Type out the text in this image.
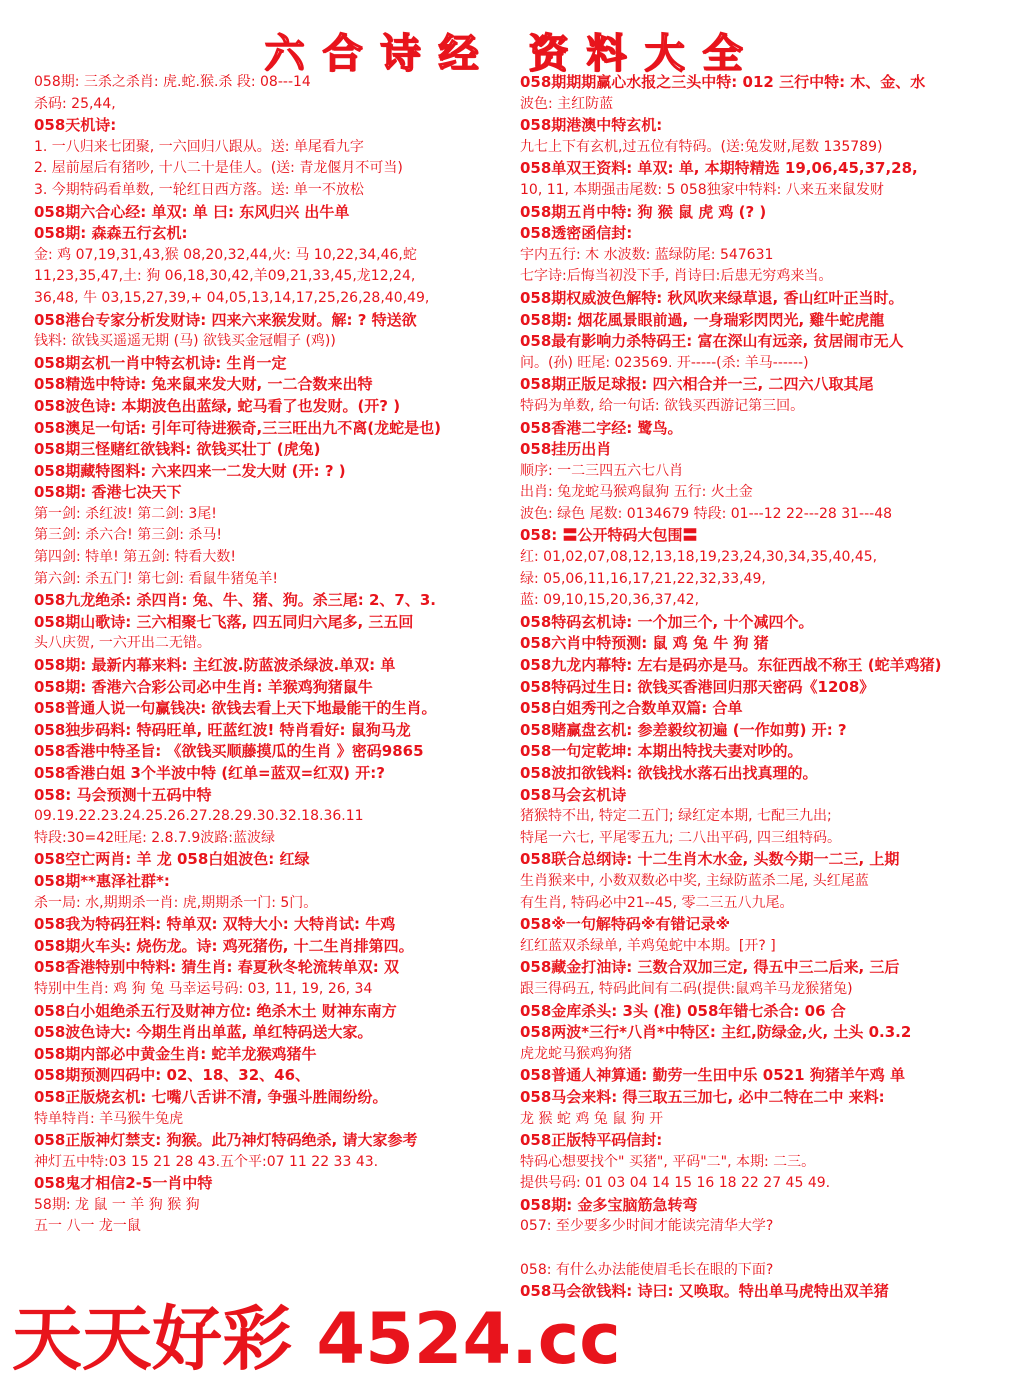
六合诗经 资料大全
058期: 三杀之杀肖: 虎.蛇.猴.杀 段: 08---14
杀码: 25,44,
058天机诗:
1. 一八归来七团聚, 一六回归八跟从。送: 单尾看九字
2. 屋前屋后有猪吵, 十八二十是佳人。(送: 青龙偃月不可当)
3. 今期特码看单数, 一轮红日西方落。送: 单一不放松
058期六合心经: 单双: 单 曰: 东风归兴 出牛单
058期: 森森五行玄机:
金: 鸡 07,19,31,43,猴 08,20,32,44,火: 马 10,22,34,46,蛇
11,23,35,47,土: 狗 06,18,30,42,羊09,21,33,45,龙12,24,
36,48, 牛 03,15,27,39,+ 04,05,13,14,17,25,26,28,40,49,
058港台专家分析发财诗: 四来六来猴发财。解: ? 特送欲
钱料: 欲钱买遥遥无期 (马) 欲钱买金冠帽子 (鸡))
058期玄机一肖中特玄机诗: 生肖一定
058精选中特诗: 兔来鼠来发大财, 一二合数来出特
058波色诗: 本期波色出蓝绿, 蛇马看了也发财。(开? )
058澳足一句话: 引年可待进猴奇,三三旺出九不离(龙蛇是也)
058期三怪赌红欲钱料: 欲钱买壮丁 (虎兔)
058期藏特图料: 六来四来一二发大财 (开: ? )
058期: 香港七决天下
第一剑: 杀红波! 第二剑: 3尾!
第三剑: 杀六合! 第三剑: 杀马!
第四剑: 特单! 第五剑: 特看大数!
第六剑: 杀五门! 第七剑: 看鼠牛猪兔羊!
058九龙绝杀: 杀四肖: 兔、牛、猪、狗。杀三尾: 2、7、3.
058期山歌诗: 三六相聚七飞落, 四五同归六尾多, 三五回
头八庆贺, 一六开出二无错。
058期: 最新内幕来料: 主红波.防蓝波杀绿波.单双: 单
058期: 香港六合彩公司必中生肖: 羊猴鸡狗猪鼠牛
058普通人说一句赢钱决: 欲钱去看上天下地最能干的生肖。
058独步码料: 特码旺单, 旺蓝红波! 特肖看好: 鼠狗马龙
058香港中特圣旨: 《欲钱买顺藤摸瓜的生肖 》密码9865
058香港白姐 3个半波中特 (红单=蓝双=红双) 开:?
058: 马会预测十五码中特
09.19.22.23.24.25.26.27.28.29.30.32.18.36.11
特段:30=42旺尾: 2.8.7.9波路:蓝波绿
058空亡两肖: 羊 龙 058白姐波色: 红绿
058期**惠泽社群*:
杀一局: 水,期期杀一肖: 虎,期期杀一门: 5门。
058我为特码狂料: 特单双: 双特大小: 大特肖试: 牛鸡
058期火车头: 烧伤龙。诗: 鸡死猪伤, 十二生肖排第四。
058香港特别中特料: 猜生肖: 春夏秋冬轮流转单双: 双
特别中生肖: 鸡 狗 兔 马幸运号码: 03, 11, 19, 26, 34
058白小姐绝杀五行及财神方位: 绝杀木土 财神东南方
058波色诗大: 今期生肖出单蓝, 单红特码送大家。
058期内部必中黄金生肖: 蛇羊龙猴鸡猪牛
058期预测四码中: 02、18、32、46、
058正版烧玄机: 七嘴八舌讲不清, 争强斗胜闹纷纷。
特单特肖: 羊马猴牛兔虎
058正版神灯禁支: 狗猴。此乃神灯特码绝杀, 请大家参考
神灯五中特:03 15 21 28 43.五个平:07 11 22 33 43.
058鬼才相信2-5一肖中特
58期: 龙 鼠 一 羊 狗 猴 狗
五一 八一 龙一鼠
058期期期赢心水报之三头中特: 012 三行中特: 木、金、水
波色: 主红防蓝
058期港澳中特玄机:
九七上下有玄机,过五位有特码。(送:兔发财,尾数 135789)
058单双王资料: 单双: 单, 本期特精选 19,06,45,37,28,
10, 11, 本期强击尾数: 5 058独家中特料: 八来五来鼠发财
058期五肖中特: 狗 猴 鼠 虎 鸡 (? )
058透密函信封:
宇内五行: 木 水波数: 蓝绿防尾: 547631
七字诗:后悔当初没下手, 肖诗曰:后患无穷鸡来当。
058期权威波色解特: 秋风吹来绿草退, 香山红叶正当时。
058期: 烟花風景眼前過, 一身瑞彩閃閃光, 雞牛蛇虎龍
058最有影响力杀特码王: 富在深山有远亲, 贫居闹市无人
问。(孙) 旺尾: 023569. 开-----(杀: 羊马------)
058期正版足球报: 四六相合并一三, 二四六八取其尾
特码为单数, 给一句话: 欲钱买西游记第三回。
058香港二字经: 鹭鸟。
058挂历出肖
顺序: 一二三四五六七八肖
出肖: 兔龙蛇马猴鸡鼠狗 五行: 火土金
波色: 绿色 尾数: 0134679 特段: 01---12 22---28 31---48
058: 〓公开特码大包围〓
红: 01,02,07,08,12,13,18,19,23,24,30,34,35,40,45,
绿: 05,06,11,16,17,21,22,32,33,49,
蓝: 09,10,15,20,36,37,42,
058特码玄机诗: 一个加三个, 十个减四个。
058六肖中特预测: 鼠 鸡 兔 牛 狗 猪
058九龙内幕特: 左右是码亦是马。东征西战不称王 (蛇羊鸡猪)
058特码过生日: 欲钱买香港回归那天密码《1208》
058白姐秀刊之合数单双篇: 合单
058赌赢盘玄机: 参差毅纹初遍 (一作如剪) 开: ?
058一句定乾坤: 本期出特找夫妻对吵的。
058波扣欲钱料: 欲钱找水落石出找真理的。
058马会玄机诗
猪猴特不出, 特定二五门; 绿红定本期, 七配三九出;
特尾一六七, 平尾零五九; 二八出平码, 四三组特码。
058联合总纲诗: 十二生肖木水金, 头数今期一二三, 上期
生肖猴来中, 小数双数必中奖, 主绿防蓝杀二尾, 头红尾蓝
有生肖, 特码必中21--45, 零二三五八九尾。
058※一句解特码※有错记录※
红红蓝双杀绿单, 羊鸡兔蛇中本期。[开? ]
058藏金打油诗: 三数合双加三定, 得五中三二后来, 三后
跟三得码五, 特码此间有二码(提供:鼠鸡羊马龙猴猪兔)
058金库杀头: 3头 (准) 058年错七杀合: 06 合
058两波*三行*八肖*中特区: 主红,防绿金,火, 土头 0.3.2
虎龙蛇马猴鸡狗猪
058普通人神算通: 勤劳一生田中乐 0521 狗猪羊午鸡 单
058马会来料: 得三取五三加七, 必中二特在二中 来料:
龙 猴 蛇 鸡 兔 鼠 狗 开
058正版特平码信封:
特码心想要找个" 买猪", 平码"二", 本期: 二三。
提供号码: 01 03 04 14 15 16 18 22 27 45 49.
058期: 金多宝脑筋急转弯
057: 至少要多少时间才能读完清华大学?
058: 有什么办法能使眉毛长在眼的下面?
058马会欲钱料: 诗曰: 又唤取。特出单马虎特出双羊猪
天天好彩 4524.cc
